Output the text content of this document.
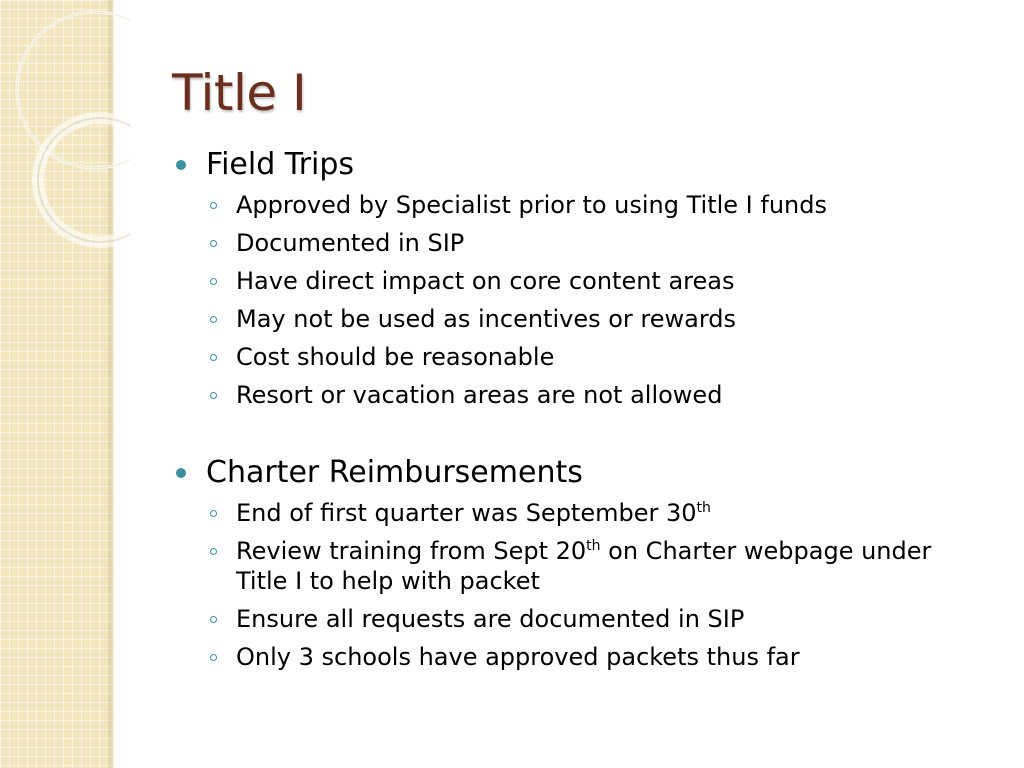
Title I
Field Trips
Approved by Specialist prior to using Title I funds
Documented in SIP
Have direct impact on core content areas
May not be used as incentives or rewards
Cost should be reasonable
Resort or vacation areas are not allowed
Charter Reimbursements
End of first quarter was September 30th
Review training from Sept 20th on Charter webpage under Title I to help with packet
Ensure all requests are documented in SIP
Only 3 schools have approved packets thus far
